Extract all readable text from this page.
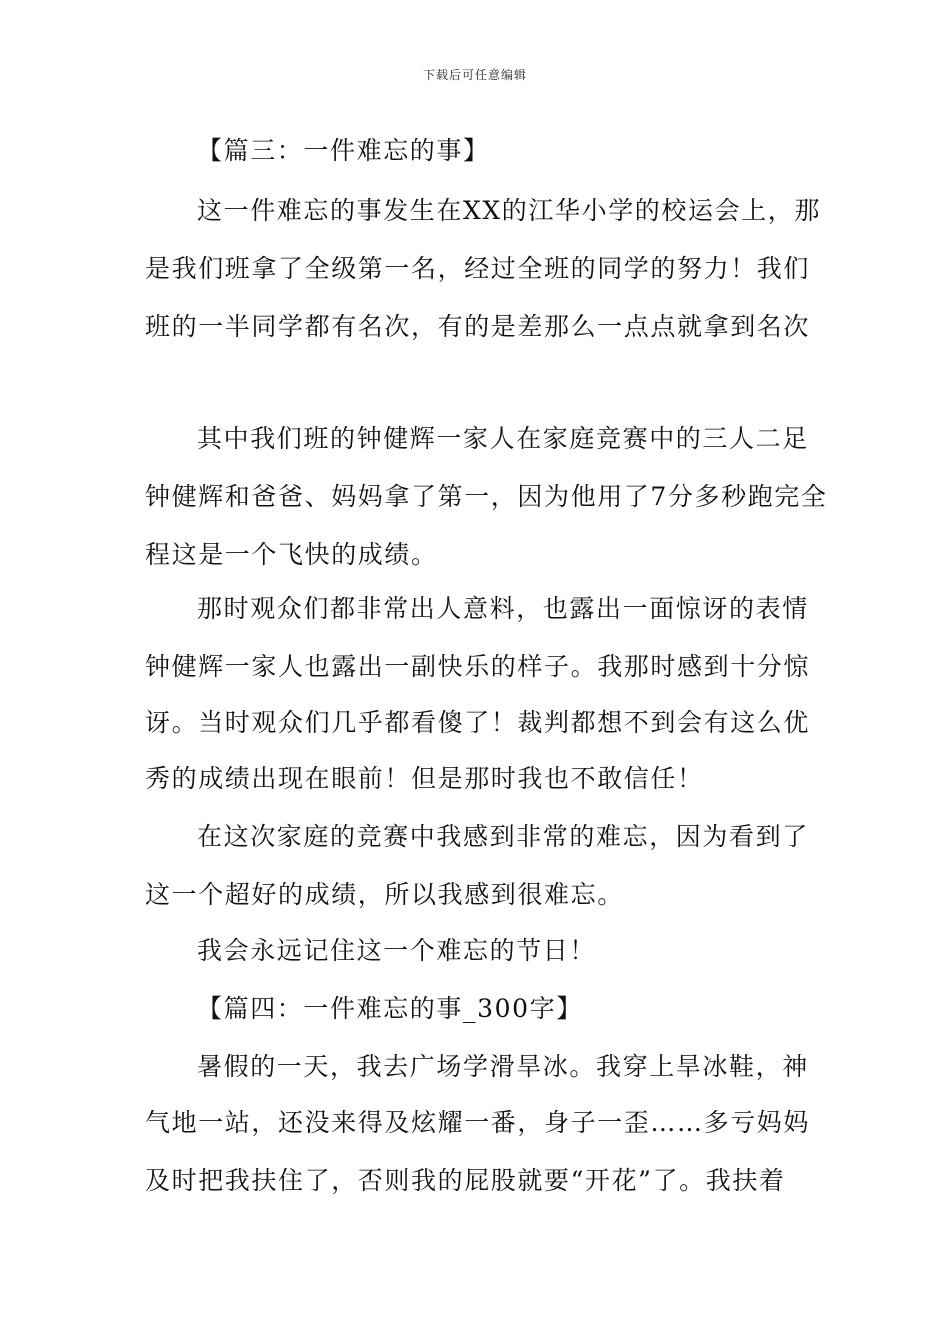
下载后可任意编辑
【篇三：一件难忘的事】
这一件难忘的事发生在XX的江华小学的校运会上，那
是我们班拿了全级第一名，经过全班的同学的努力！我们
班的一半同学都有名次，有的是差那么一点点就拿到名次
其中我们班的钟健辉一家人在家庭竞赛中的三人二足
钟健辉和爸爸、妈妈拿了第一，因为他用了7分多秒跑完全
程这是一个飞快的成绩。
那时观众们都非常出人意料，也露出一面惊讶的表情
钟健辉一家人也露出一副快乐的样子。我那时感到十分惊
讶。当时观众们几乎都看傻了！裁判都想不到会有这么优
秀的成绩出现在眼前！但是那时我也不敢信任！
在这次家庭的竞赛中我感到非常的难忘，因为看到了
这一个超好的成绩，所以我感到很难忘。
我会永远记住这一个难忘的节日！
【篇四：一件难忘的事_300字】
暑假的一天，我去广场学滑旱冰。我穿上旱冰鞋，神
气地一站，还没来得及炫耀一番，身子一歪……多亏妈妈
及时把我扶住了，否则我的屁股就要“开花”了。我扶着
